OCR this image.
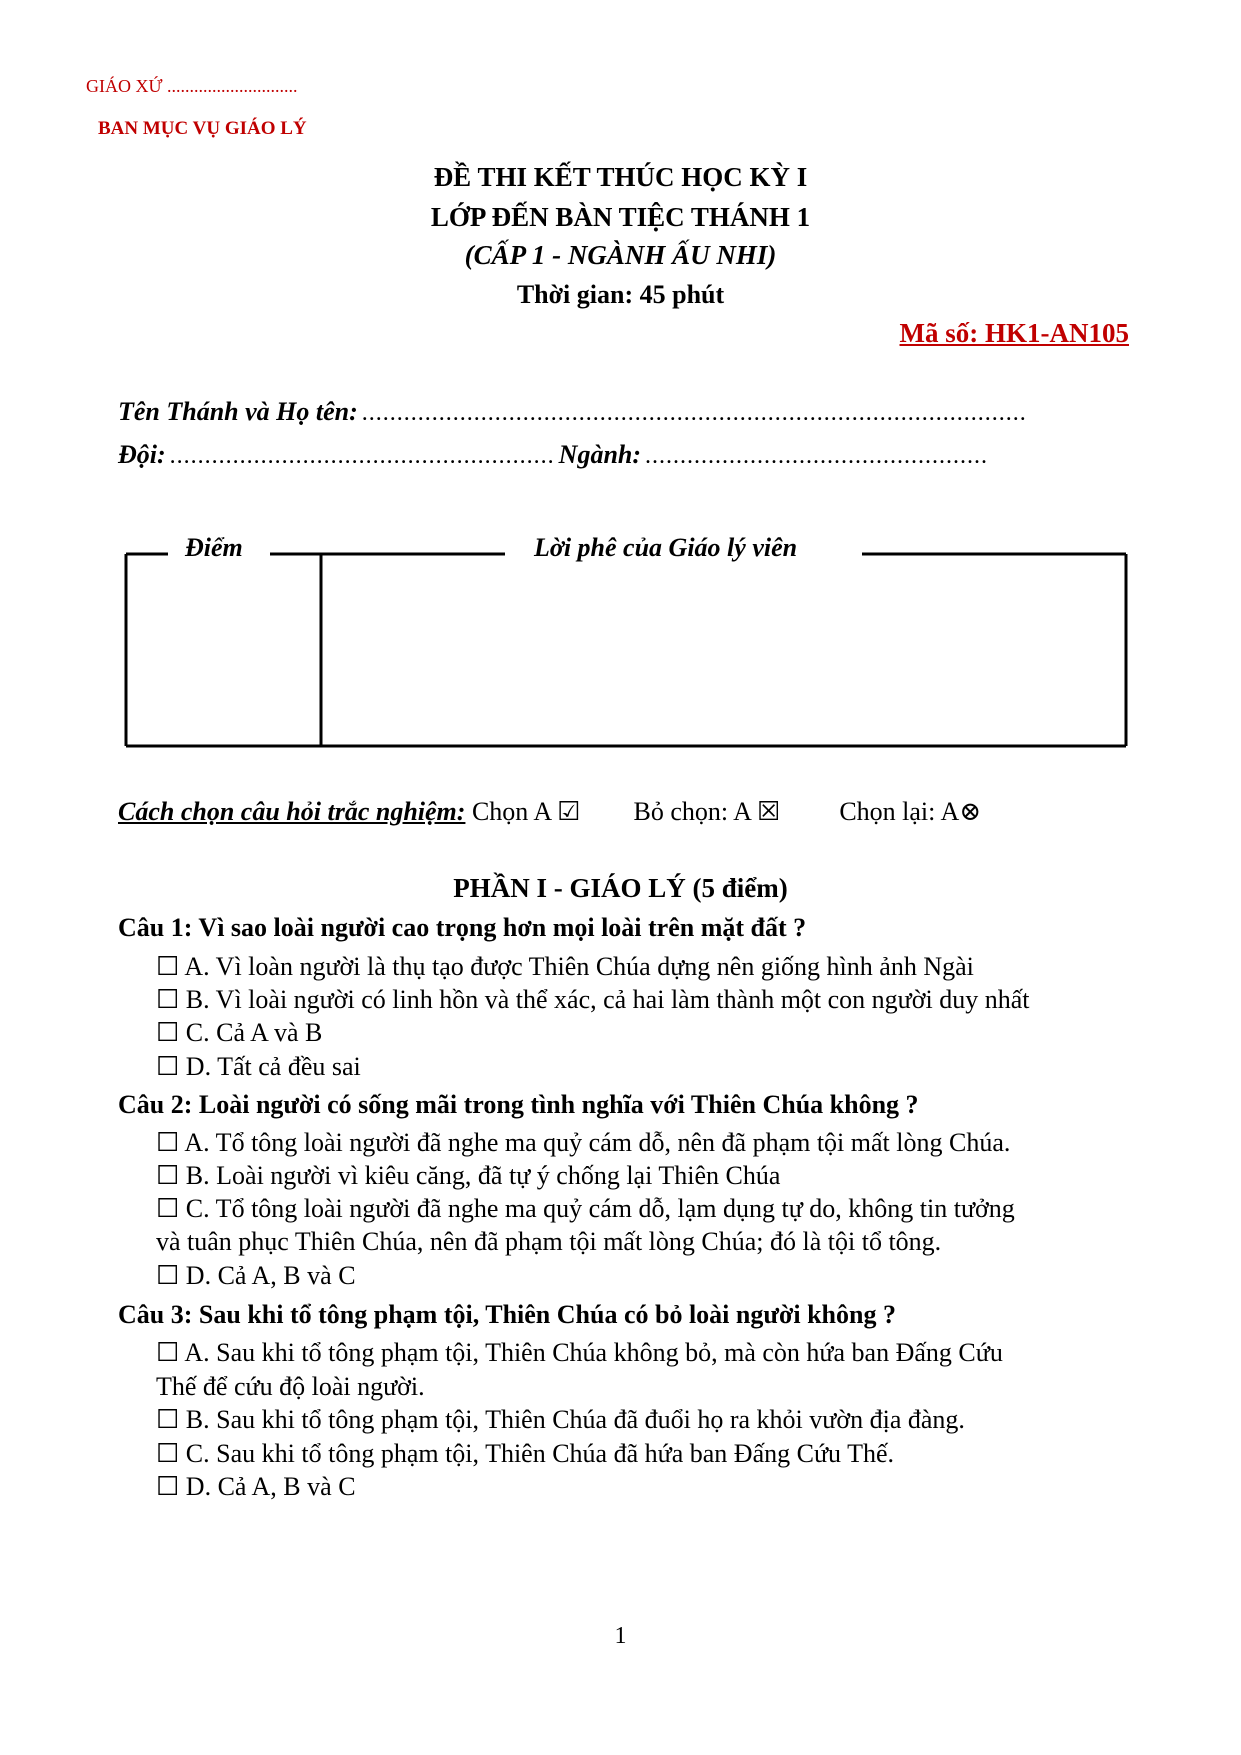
GIÁO XỨ .............................
BAN MỤC VỤ GIÁO LÝ
ĐỀ THI KẾT THÚC HỌC KỲ I
LỚP ĐẾN BÀN TIỆC THÁNH 1
(CẤP 1 - NGÀNH ẤU NHI)
Thời gian: 45 phút
Mã số: HK1-AN105
Tên Thánh và Họ tên: ...............................................................................................
Đội: ....................................................... Ngành: .................................................
Điểm	Lời phê của Giáo lý viên
Cách chọn câu hỏi trắc nghiệm: Chọn A ☑ Bỏ chọn: A ☒ Chọn lại: A⊗
PHẦN I - GIÁO LÝ (5 điểm)
Câu 1: Vì sao loài người cao trọng hơn mọi loài trên mặt đất ?
☐ A. Vì loàn người là thụ tạo được Thiên Chúa dựng nên giống hình ảnh Ngài
☐ B. Vì loài người có linh hồn và thể xác, cả hai làm thành một con người duy nhất
☐ C. Cả A và B
☐ D. Tất cả đều sai
Câu 2: Loài người có sống mãi trong tình nghĩa với Thiên Chúa không ?
☐ A. Tổ tông loài người đã nghe ma quỷ cám dỗ, nên đã phạm tội mất lòng Chúa.
☐ B. Loài người vì kiêu căng, đã tự ý chống lại Thiên Chúa
☐ C. Tổ tông loài người đã nghe ma quỷ cám dỗ, lạm dụng tự do, không tin tưởng
và tuân phục Thiên Chúa, nên đã phạm tội mất lòng Chúa; đó là tội tổ tông.
☐ D. Cả A, B và C
Câu 3: Sau khi tổ tông phạm tội, Thiên Chúa có bỏ loài người không ?
☐ A. Sau khi tổ tông phạm tội, Thiên Chúa không bỏ, mà còn hứa ban Đấng Cứu
Thế để cứu độ loài người.
☐ B. Sau khi tổ tông phạm tội, Thiên Chúa đã đuổi họ ra khỏi vườn địa đàng.
☐ C. Sau khi tổ tông phạm tội, Thiên Chúa đã hứa ban Đấng Cứu Thế.
☐ D. Cả A, B và C
1
